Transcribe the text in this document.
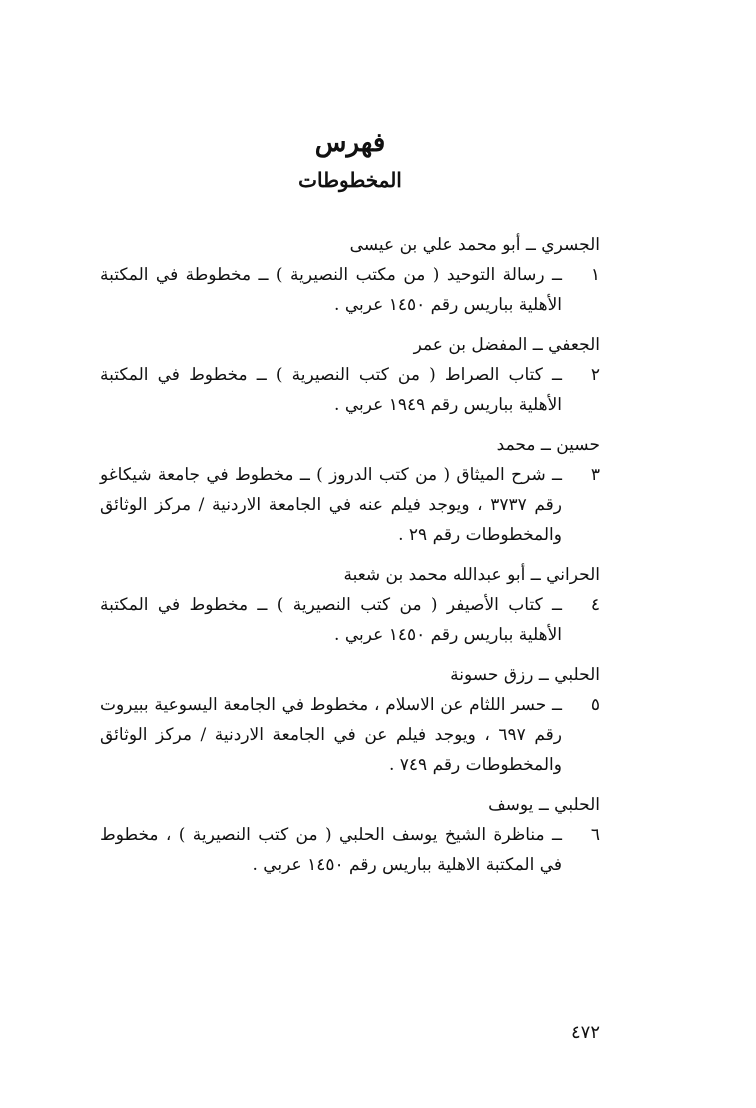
فهرس
المخطوطات
الجسري ــ أبو محمد علي بن عيسى
١
ــ رسالة التوحيد ( من مكتب النصيرية ) ــ مخطوطة في المكتبة الأهلية بباريس رقم ١٤٥٠ عربي .
الجعفي ــ المفضل بن عمر
٢
ــ كتاب الصراط ( من كتب النصيرية ) ــ مخطوط في المكتبة الأهلية بباريس رقم ١٩٤٩ عربي .
حسين ــ محمد
٣
ــ شرح الميثاق ( من كتب الدروز ) ــ مخطوط في جامعة شيكاغو رقم ٣٧٣٧ ، ويوجد فيلم عنه في الجامعة الاردنية / مركز الوثائق والمخطوطات رقم ٢٩ .
الحراني ــ أبو عبدالله محمد بن شعبة
٤
ــ كتاب الأصيفر ( من كتب النصيرية ) ــ مخطوط في المكتبة الأهلية بباريس رقم ١٤٥٠ عربي .
الحلبي ــ رزق حسونة
٥
ــ حسر اللثام عن الاسلام ، مخطوط في الجامعة اليسوعية ببيروت رقم ٦٩٧ ، ويوجد فيلم عن في الجامعة الاردنية / مركز الوثائق والمخطوطات رقم ٧٤٩ .
الحلبي ــ يوسف
٦
ــ مناظرة الشيخ يوسف الحلبي ( من كتب النصيرية ) ، مخطوط في المكتبة الاهلية بباريس رقم ١٤٥٠ عربي .
٤٧٢
